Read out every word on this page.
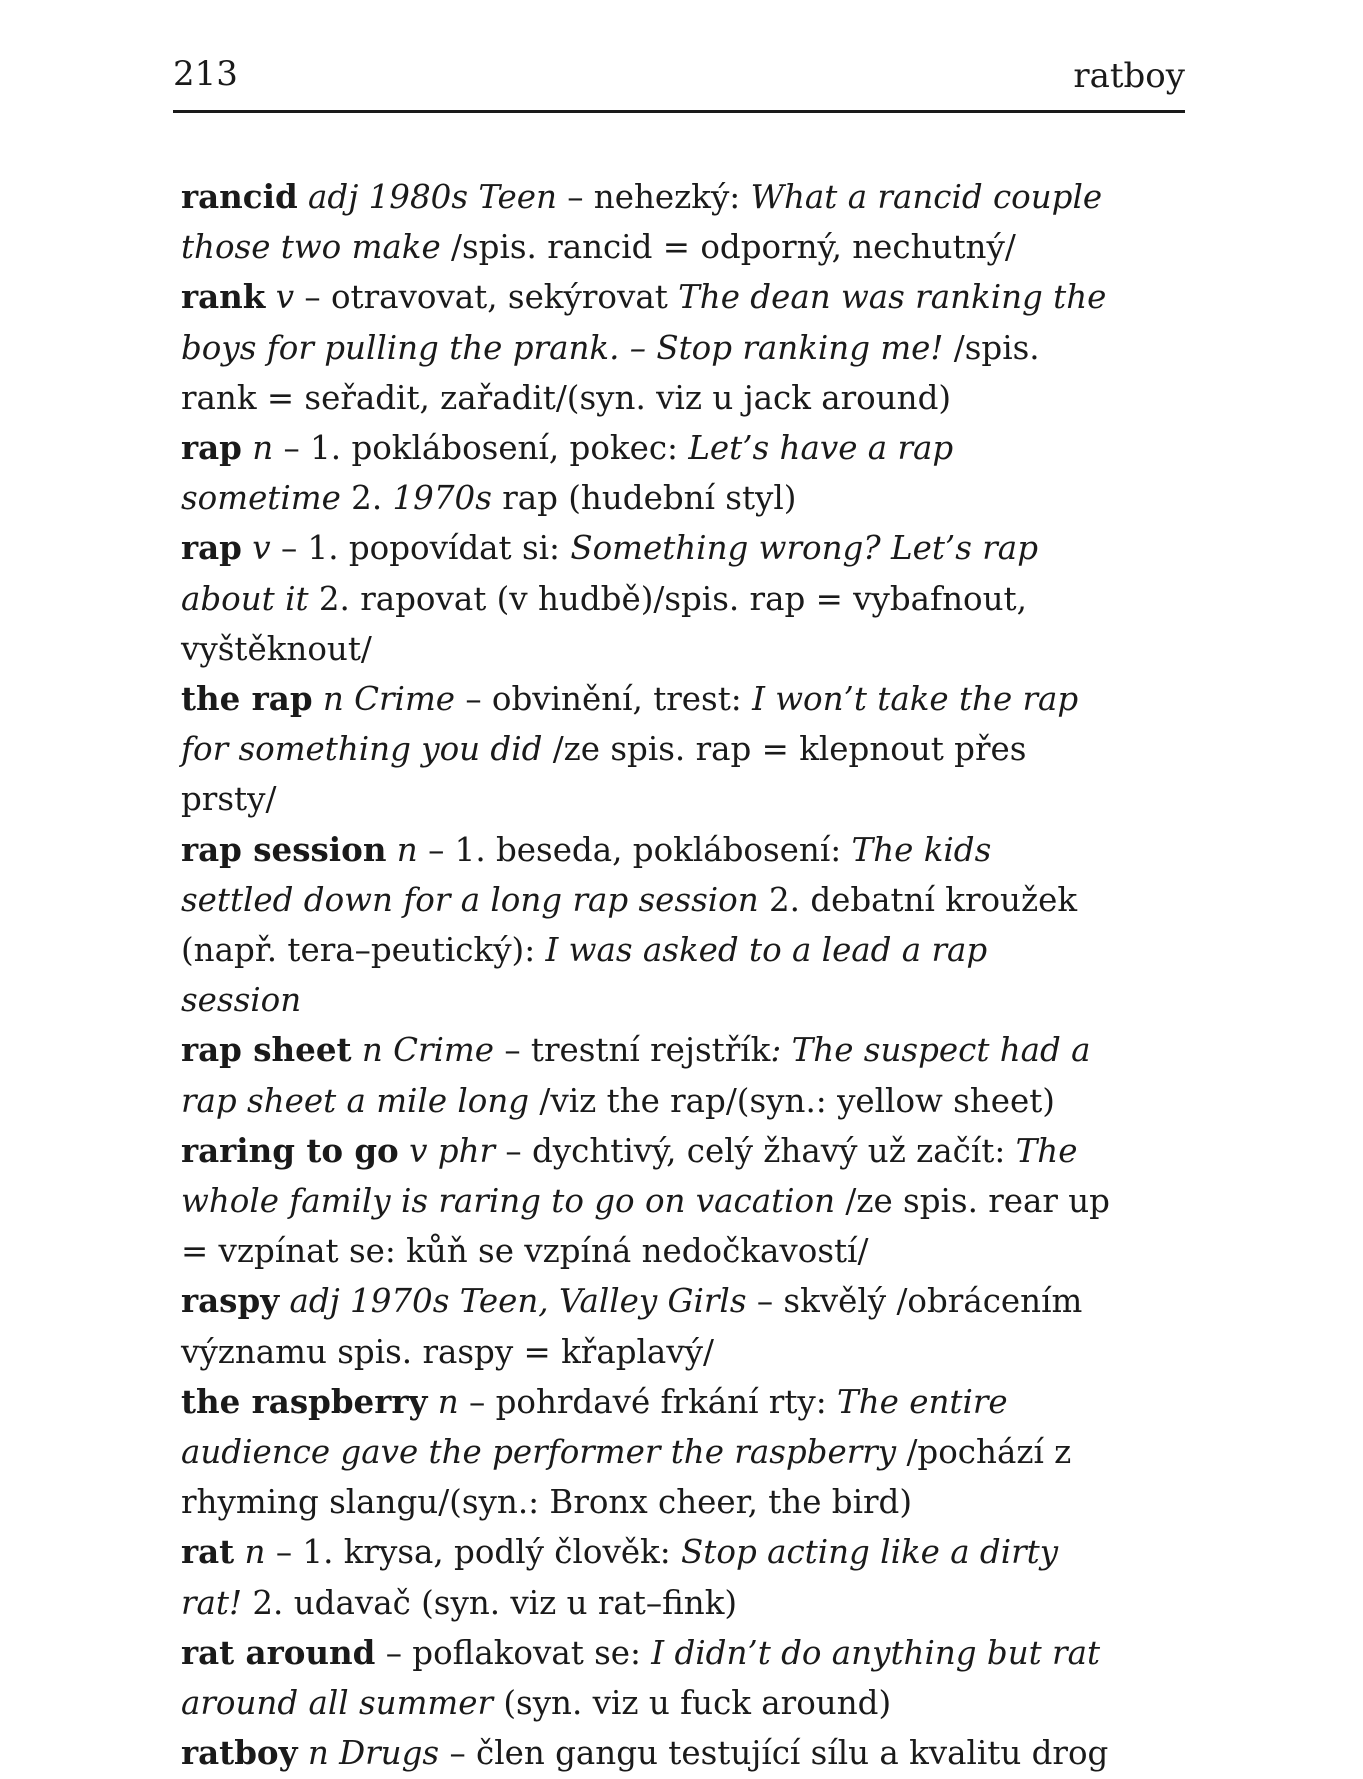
213	ratboy

rancid adj 1980s Teen – nehezký: What a rancid couple those two make /spis. rancid = odporný, nechutný/

rank v – otravovat, sekýrovat The dean was ranking the boys for pulling the prank. – Stop ranking me! /spis. rank = seřadit, zařadit/(syn. viz u jack around)

rap n – 1. poklábosení, pokec: Let’s have a rap sometime 2. 1970s rap (hudební styl)

rap v – 1. popovídat si: Something wrong? Let’s rap about it 2. rapovat (v hudbě)/spis. rap = vybafnout, vyštěknout/

the rap n Crime – obvinění, trest: I won’t take the rap for something you did /ze spis. rap = klepnout přes prsty/

rap session n – 1. beseda, poklábosení: The kids settled down for a long rap session 2. debatní kroužek (např. tera–peutický): I was asked to a lead a rap session

rap sheet n Crime – trestní rejstřík: The suspect had a rap sheet a mile long /viz the rap/(syn.: yellow sheet)

raring to go v phr – dychtivý, celý žhavý už začít: The whole family is raring to go on vacation /ze spis. rear up = vzpínat se: kůň se vzpíná nedočkavostí/

raspy adj 1970s Teen, Valley Girls – skvělý /obrácením významu spis. raspy = křaplavý/

the raspberry n – pohrdavé frkání rty: The entire audience gave the performer the raspberry /pochází z rhyming slangu/(syn.: Bronx cheer, the bird)

rat n – 1. krysa, podlý člověk: Stop acting like a dirty rat! 2. udavač (syn. viz u rat–fink)

rat around – poflakovat se: I didn’t do anything but rat around all summer (syn. viz u fuck around)

ratboy n Drugs – člen gangu testující sílu a kvalitu drog
